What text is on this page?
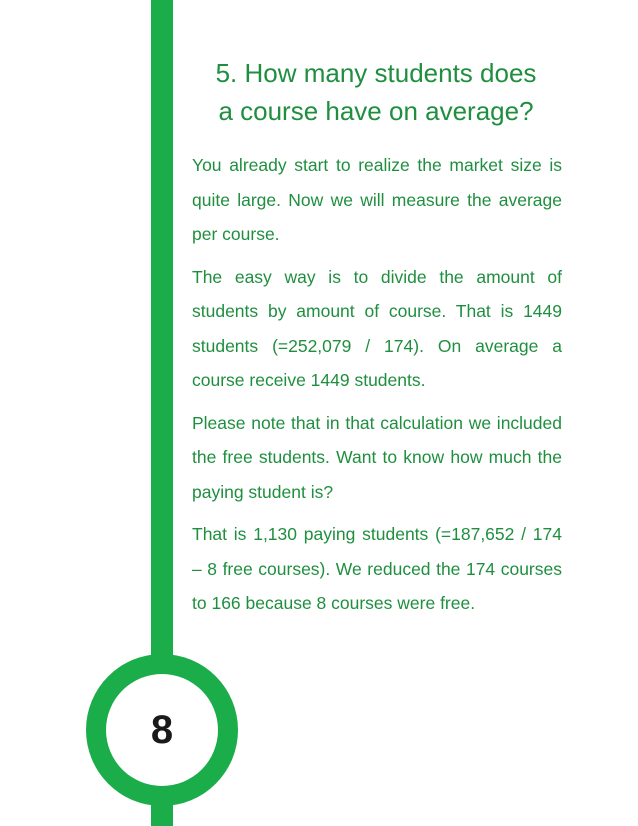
5. How many students does
a course have on average?

You already start to realize the market size is quite large. Now we will measure the average per course.

The easy way is to divide the amount of students by amount of course. That is 1449 students (=252,079 / 174). On average a course receive 1449 students.

Please note that in that calculation we included the free students. Want to know how much the paying student is?

That is 1,130 paying students (=187,652 / 174 – 8 free courses). We reduced the 174 courses to 166 because 8 courses were free.

8
